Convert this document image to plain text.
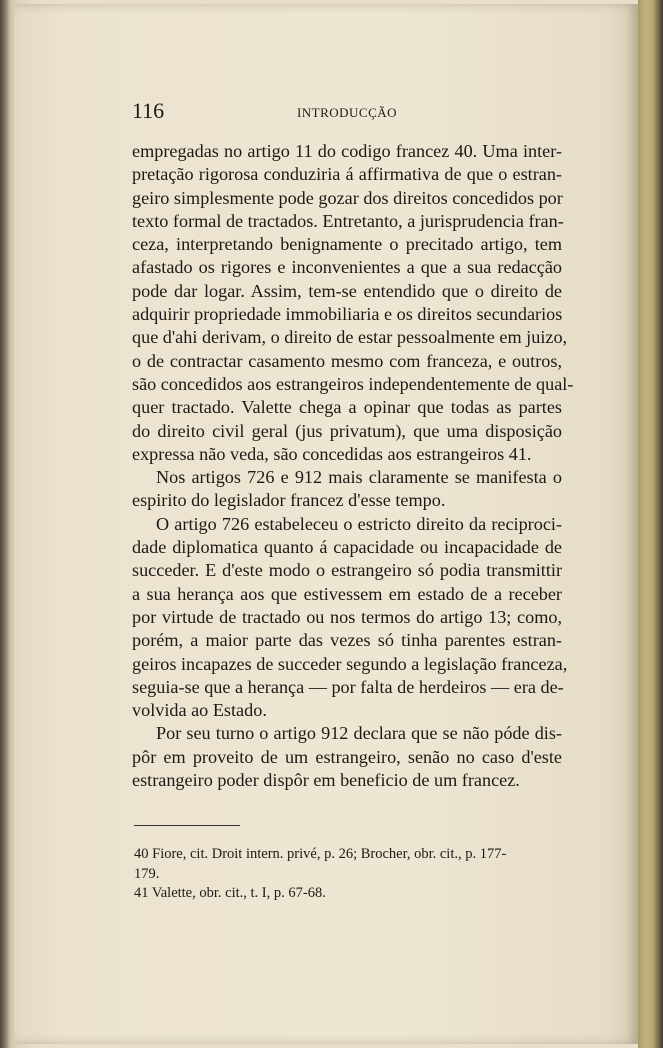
116	INTRODUCÇÃO
empregadas no artigo 11 do codigo francez 40. Uma inter-
pretação rigorosa conduziria á affirmativa de que o estran-
geiro simplesmente pode gozar dos direitos concedidos por
texto formal de tractados. Entretanto, a jurisprudencia fran-
ceza, interpretando benignamente o precitado artigo, tem
afastado os rigores e inconvenientes a que a sua redacção
pode dar logar. Assim, tem-se entendido que o direito de
adquirir propriedade immobiliaria e os direitos secundarios
que d'ahi derivam, o direito de estar pessoalmente em juizo,
o de contractar casamento mesmo com franceza, e outros,
são concedidos aos estrangeiros independentemente de qual-
quer tractado. Valette chega a opinar que todas as partes
do direito civil geral (jus privatum), que uma disposição
expressa não veda, são concedidas aos estrangeiros 41.
Nos artigos 726 e 912 mais claramente se manifesta o
espirito do legislador francez d'esse tempo.
O artigo 726 estabeleceu o estricto direito da reciproci-
dade diplomatica quanto á capacidade ou incapacidade de
succeder. E d'este modo o estrangeiro só podia transmittir
a sua herança aos que estivessem em estado de a receber
por virtude de tractado ou nos termos do artigo 13; como,
porém, a maior parte das vezes só tinha parentes estran-
geiros incapazes de succeder segundo a legislação franceza,
seguia-se que a herança — por falta de herdeiros — era de-
volvida ao Estado.
Por seu turno o artigo 912 declara que se não póde dis-
pôr em proveito de um estrangeiro, senão no caso d'este
estrangeiro poder dispôr em beneficio de um francez.
40 Fiore, cit. Droit intern. privé, p. 26; Brocher, obr. cit., p. 177-
179.
41 Valette, obr. cit., t. I, p. 67-68.
